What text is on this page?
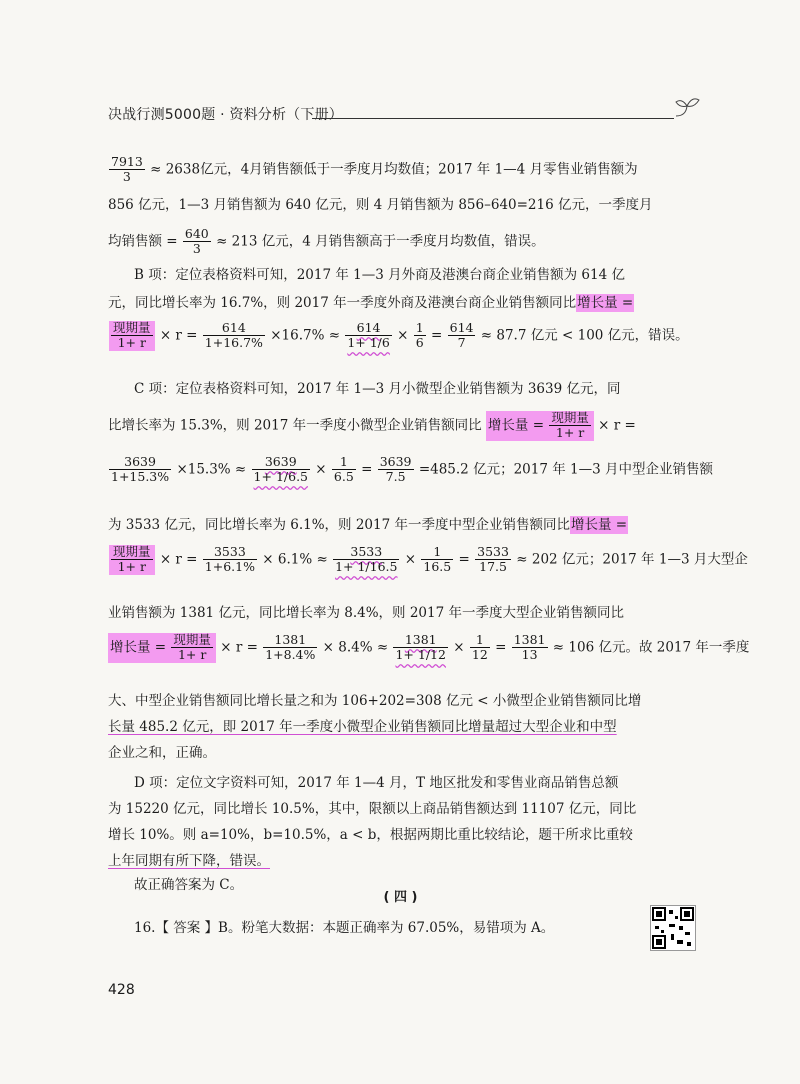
决战行测5000题 · 资料分析（下册）
$\frac{7913}{3} \approx 2638$亿元，4月销售额低于一季度月均数值；2017 年 1—4 月零售业销售额为
856 亿元，1—3 月销售额为 640 亿元，则 4 月销售额为 856–640=216 亿元，一季度月
均销售额 = $\frac{640}{3} \approx 213$ 亿元，4 月销售额高于一季度月均数值，错误。
B 项：定位表格资料可知，2017 年 1—3 月外商及港澳台商企业销售额为 614 亿
元，同比增长率为 16.7%，则 2017 年一季度外商及港澳台商企业销售额同比增长量 =
$\frac{\text{现期量}}{1+ r} \times r = \frac{614}{1+16.7\%} \times 16.7\% \approx \frac{614}{1+ 1/6} \times \frac{1}{6} = \frac{614}{7} \approx 87.7$ 亿元 < 100 亿元，错误。
C 项：定位表格资料可知，2017 年 1—3 月小微型企业销售额为 3639 亿元，同
比增长率为 15.3%，则 2017 年一季度小微型企业销售额同比 增长量 = $\frac{\text{现期量}}{1+ r} \times r$ =
$\frac{3639}{1+15.3\%} \times 15.3\% \approx \frac{3639}{1+ 1/6.5} \times \frac{1}{6.5} = \frac{3639}{7.5} =485.2$ 亿元；2017 年 1—3 月中型企业销售额
为 3533 亿元，同比增长率为 6.1%，则 2017 年一季度中型企业销售额同比增长量 =
$\frac{\text{现期量}}{1+ r} \times r = \frac{3533}{1+6.1\%} \times 6.1\% \approx \frac{3533}{1+ 1/16.5} \times \frac{1}{16.5} = \frac{3533}{17.5} \approx 202$ 亿元；2017 年 1—3 月大型企
业销售额为 1381 亿元，同比增长率为 8.4%，则 2017 年一季度大型企业销售额同比
增长量 = $\frac{\text{现期量}}{1+ r} \times r = \frac{1381}{1+8.4\%} \times 8.4\% \approx \frac{1381}{1+ 1/12} \times \frac{1}{12} = \frac{1381}{13} \approx 106$ 亿元。故 2017 年一季度
大、中型企业销售额同比增长量之和为 106+202=308 亿元 < 小微型企业销售额同比增
长量 485.2 亿元，即 2017 年一季度小微型企业销售额同比增量超过大型企业和中型
企业之和，正确。
D 项：定位文字资料可知，2017 年 1—4 月，T 地区批发和零售业商品销售总额
为 15220 亿元，同比增长 10.5%，其中，限额以上商品销售额达到 11107 亿元，同比
增长 10%。则 a=10%，b=10.5%，a < b，根据两期比重比较结论，题干所求比重较
上年同期有所下降，错误。
故正确答案为 C。
( 四 )
16.【 答案 】B。粉笔大数据：本题正确率为 67.05%，易错项为 A。
428
